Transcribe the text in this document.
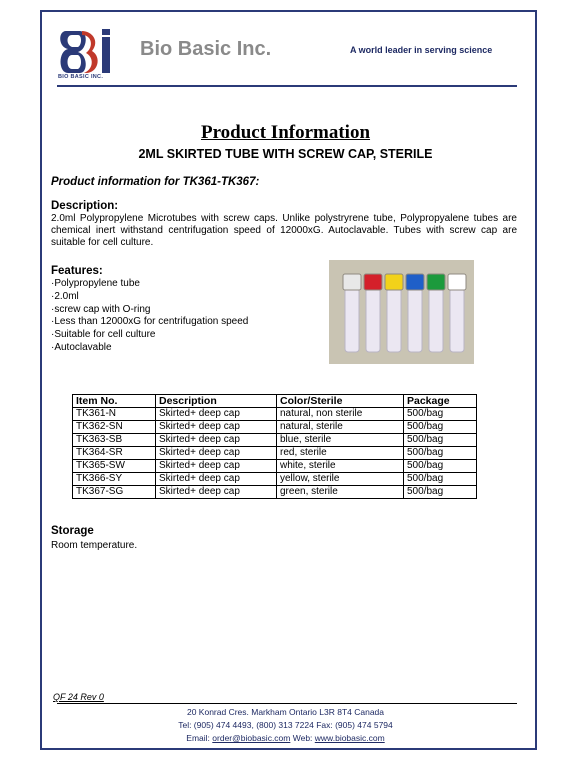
BIO BASIC INC.
Bio Basic Inc.	A world leader in serving science
Product Information
2ML SKIRTED TUBE WITH SCREW CAP, STERILE
Product information for TK361-TK367:
Description:
2.0ml Polypropylene Microtubes with screw caps. Unlike polystryrene tube, Polypropyalene tubes are chemical inert withstand centrifugation speed of 12000xG. Autoclavable. Tubes with screw cap are suitable for cell culture.
Features:
·Polypropylene tube
·2.0ml
·screw cap with O-ring
·Less than 12000xG for centrifugation speed
·Suitable for cell culture
·Autoclavable
Item No.	Description	Color/Sterile	Package
TK361-N	Skirted+ deep cap	natural, non sterile	500/bag
TK362-SN	Skirted+ deep cap	natural, sterile	500/bag
TK363-SB	Skirted+ deep cap	blue, sterile	500/bag
TK364-SR	Skirted+ deep cap	red, sterile	500/bag
TK365-SW	Skirted+ deep cap	white, sterile	500/bag
TK366-SY	Skirted+ deep cap	yellow, sterile	500/bag
TK367-SG	Skirted+ deep cap	green, sterile	500/bag
Storage
Room temperature.
QF 24 Rev 0
20 Konrad Cres. Markham Ontario L3R 8T4 Canada
Tel: (905) 474 4493, (800) 313 7224 Fax: (905) 474 5794
Email: order@biobasic.com Web: www.biobasic.com
